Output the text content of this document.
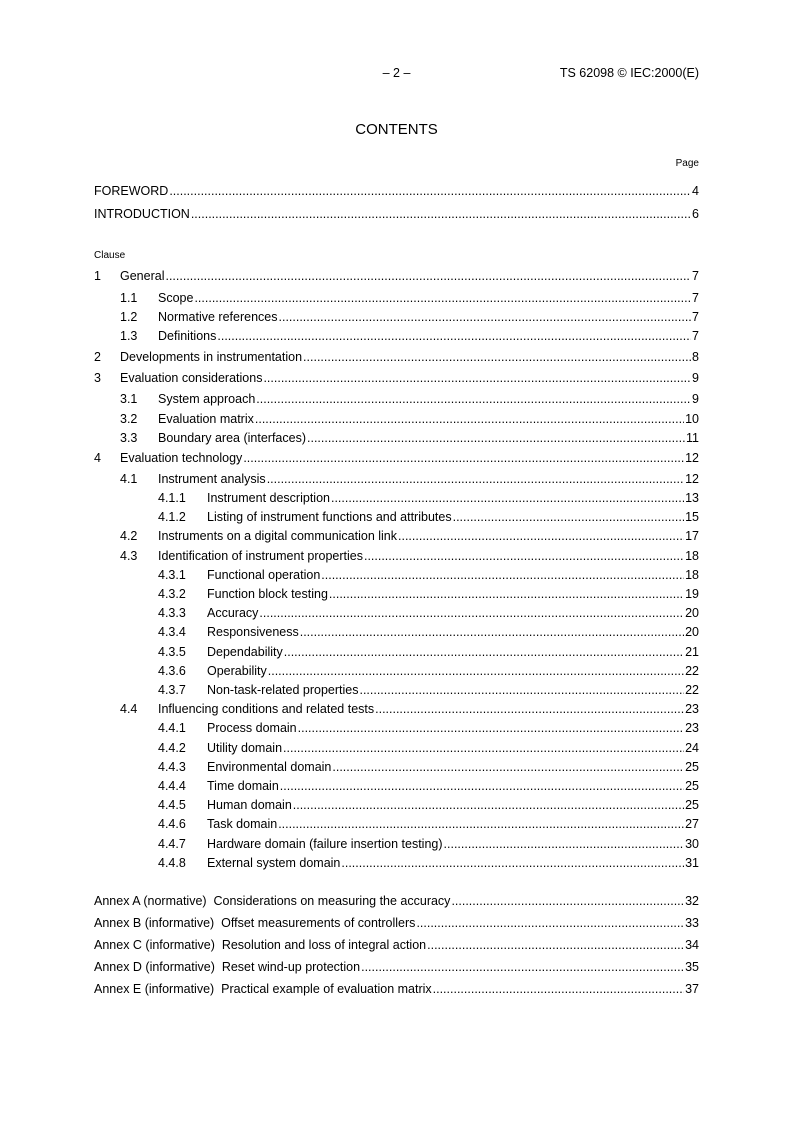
– 2 –	TS 62098 © IEC:2000(E)
CONTENTS
Page
Clause
FOREWORD .....	4
INTRODUCTION .....	6
1 General .....	7
1.1 Scope .....	7
1.2 Normative references .....	7
1.3 Definitions .....	7
2 Developments in instrumentation .....	8
3 Evaluation considerations .....	9
3.1 System approach .....	9
3.2 Evaluation matrix .....	10
3.3 Boundary area (interfaces) .....	11
4 Evaluation technology .....	12
4.1 Instrument analysis .....	12
4.1.1 Instrument description .....	13
4.1.2 Listing of instrument functions and attributes .....	15
4.2 Instruments on a digital communication link .....	17
4.3 Identification of instrument properties .....	18
4.3.1 Functional operation .....	18
4.3.2 Function block testing .....	19
4.3.3 Accuracy .....	20
4.3.4 Responsiveness .....	20
4.3.5 Dependability .....	21
4.3.6 Operability .....	22
4.3.7 Non-task-related properties .....	22
4.4 Influencing conditions and related tests .....	23
4.4.1 Process domain .....	23
4.4.2 Utility domain .....	24
4.4.3 Environmental domain .....	25
4.4.4 Time domain .....	25
4.4.5 Human domain .....	25
4.4.6 Task domain .....	27
4.4.7 Hardware domain (failure insertion testing) .....	30
4.4.8 External system domain .....	31
Annex A (normative)  Considerations on measuring the accuracy .....	32
Annex B (informative)  Offset measurements of controllers .....	33
Annex C (informative)  Resolution and loss of integral action .....	34
Annex D (informative)  Reset wind-up protection .....	35
Annex E (informative)  Practical example of evaluation matrix .....	37
